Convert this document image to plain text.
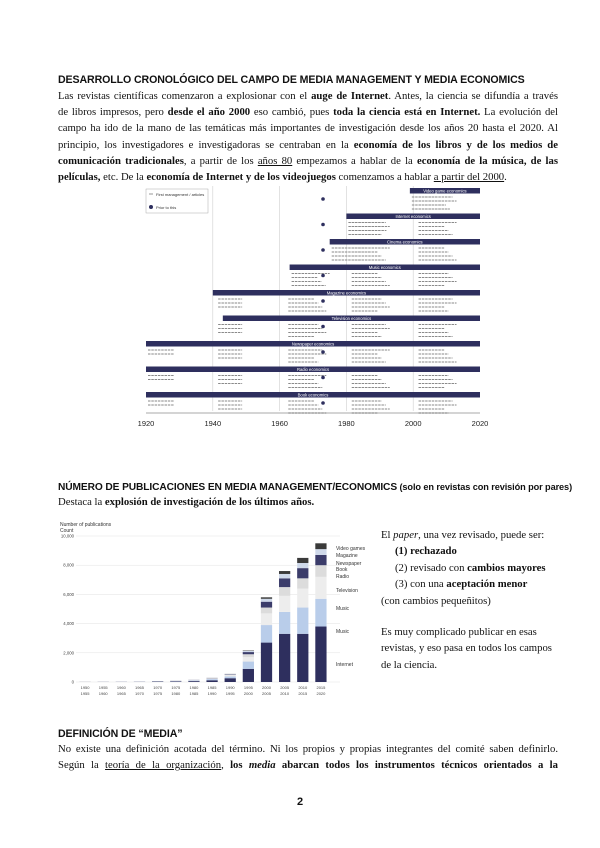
DESARROLLO CRONOLÓGICO DEL CAMPO DE MEDIA MANAGEMENT Y MEDIA ECONOMICS
Las revistas científicas comenzaron a explosionar con el auge de Internet. Antes, la ciencia se difundía a través
de libros impresos, pero desde el año 2000 eso cambió, pues toda la ciencia está en Internet. La evolución del
campo ha ido de la mano de las temáticas más importantes de investigación desde los años 20 hasta el 2020. Al
principio, los investigadores e investigadoras se centraban en la economía de los libros y de los medios de
comunicación tradicionales, a partir de los años 80 empezamos a hablar de la economía de la música, de las
películas, etc. De la economía de Internet y de los videojuegos comenzamos a hablar a partir del 2000.
Video game economics
Internet economics
Cinema economics
Music economics
Magazine economics
Television economics
Newspaper economics
Radio economics
Book economics
First management / articles
Prior to this
1920	1940	1960	1980	2000	2020
NÚMERO DE PUBLICACIONES EN MEDIA MANAGEMENT/ECONOMICS (solo en revistas con revisión por pares)
Destaca la explosión de investigación de los últimos años.
Number of publications
Count
10,000
8,000
6,000
4,000
2,000
0
1950
1955
1955
1960
1960
1965
1965
1970
1970
1975
1975
1980
1980
1985
1985
1990
1990
1995
1995
2000
2000
2005
2005
2010
2010
2015
2015
2020
Video games
Magazine
Newspaper
Book
Radio
Television
Music
Music
Internet
El paper, una vez revisado, puede ser:
(1) rechazado
(2) revisado con cambios mayores
(3) con una aceptación menor
(con cambios pequeñitos)
Es muy complicado publicar en esas
revistas, y eso pasa en todos los campos
de la ciencia.
DEFINICIÓN DE “MEDIA”
No existe una definición acotada del término. Ni los propios y propias integrantes del comité saben definirlo.
Según la teoría de la organización, los media abarcan todos los instrumentos técnicos orientados a la
2
